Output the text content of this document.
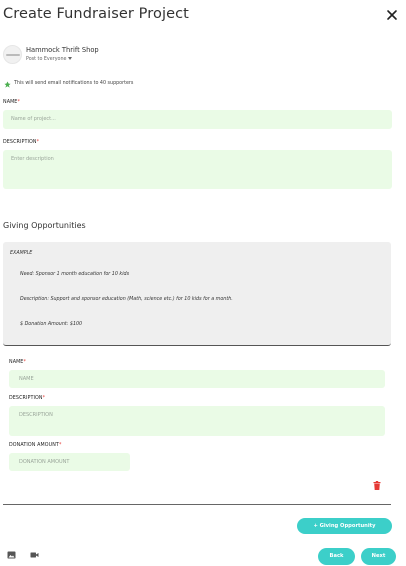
Create Fundraiser Project
Hammock Thrift Shop
Post to Everyone
This will send email notifications to 40 supporters
NAME*
Name of project...
DESCRIPTION*
Enter description
Giving Opportunities
EXAMPLE
Need: Sponsor 1 month education for 10 kids
Description: Support and sponsor education (Math, science etc.) for 10 kids for a month.
$ Donation Amount: $100
NAME*
NAME
DESCRIPTION*
DESCRIPTION
DONATION AMOUNT*
DONATION AMOUNT
+ Giving Opportunity
Back	Next
